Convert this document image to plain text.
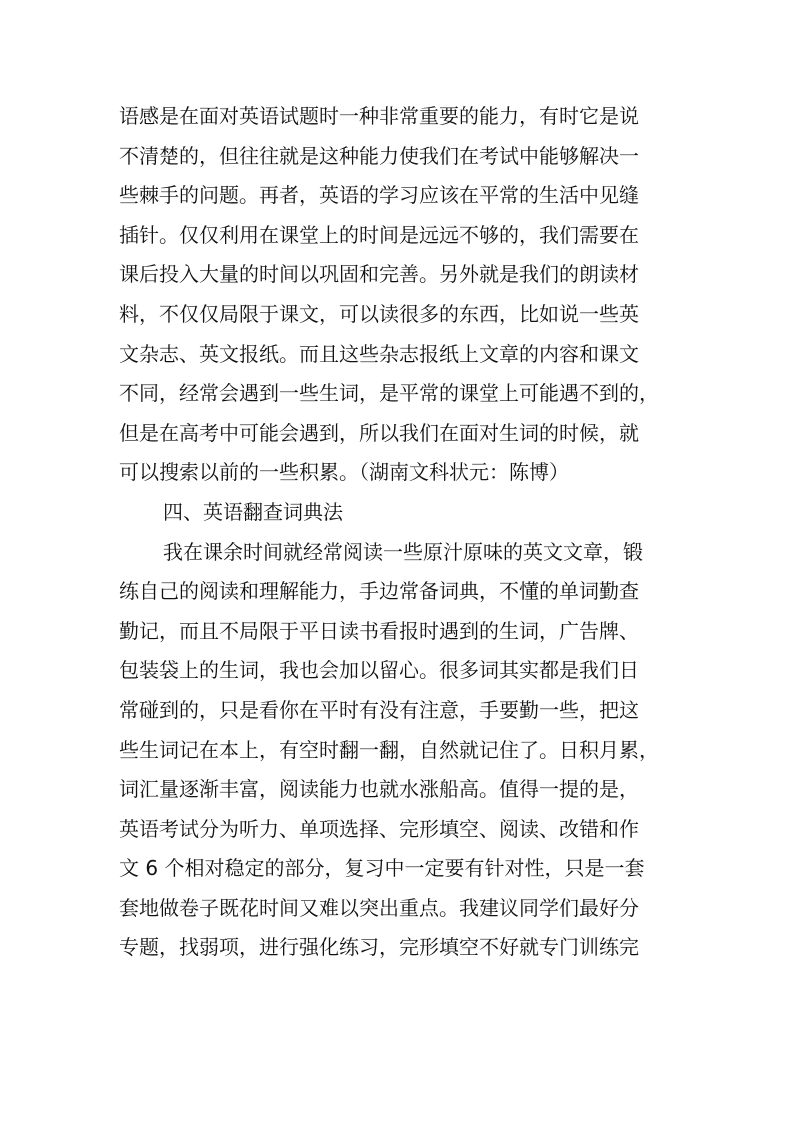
语感是在面对英语试题时一种非常重要的能力，有时它是说
不清楚的，但往往就是这种能力使我们在考试中能够解决一
些棘手的问题。再者，英语的学习应该在平常的生活中见缝
插针。仅仅利用在课堂上的时间是远远不够的，我们需要在
课后投入大量的时间以巩固和完善。另外就是我们的朗读材
料，不仅仅局限于课文，可以读很多的东西，比如说一些英
文杂志、英文报纸。而且这些杂志报纸上文章的内容和课文
不同，经常会遇到一些生词，是平常的课堂上可能遇不到的，
但是在高考中可能会遇到，所以我们在面对生词的时候，就
可以搜索以前的一些积累。（湖南文科状元：陈博）
四、英语翻查词典法
我在课余时间就经常阅读一些原汁原味的英文文章，锻
练自己的阅读和理解能力，手边常备词典，不懂的单词勤查
勤记，而且不局限于平日读书看报时遇到的生词，广告牌、
包装袋上的生词，我也会加以留心。很多词其实都是我们日
常碰到的，只是看你在平时有没有注意，手要勤一些，把这
些生词记在本上，有空时翻一翻，自然就记住了。日积月累，
词汇量逐渐丰富，阅读能力也就水涨船高。值得一提的是，
英语考试分为听力、单项选择、完形填空、阅读、改错和作
文 6 个相对稳定的部分，复习中一定要有针对性，只是一套
套地做卷子既花时间又难以突出重点。我建议同学们最好分
专题，找弱项，进行强化练习，完形填空不好就专门训练完
